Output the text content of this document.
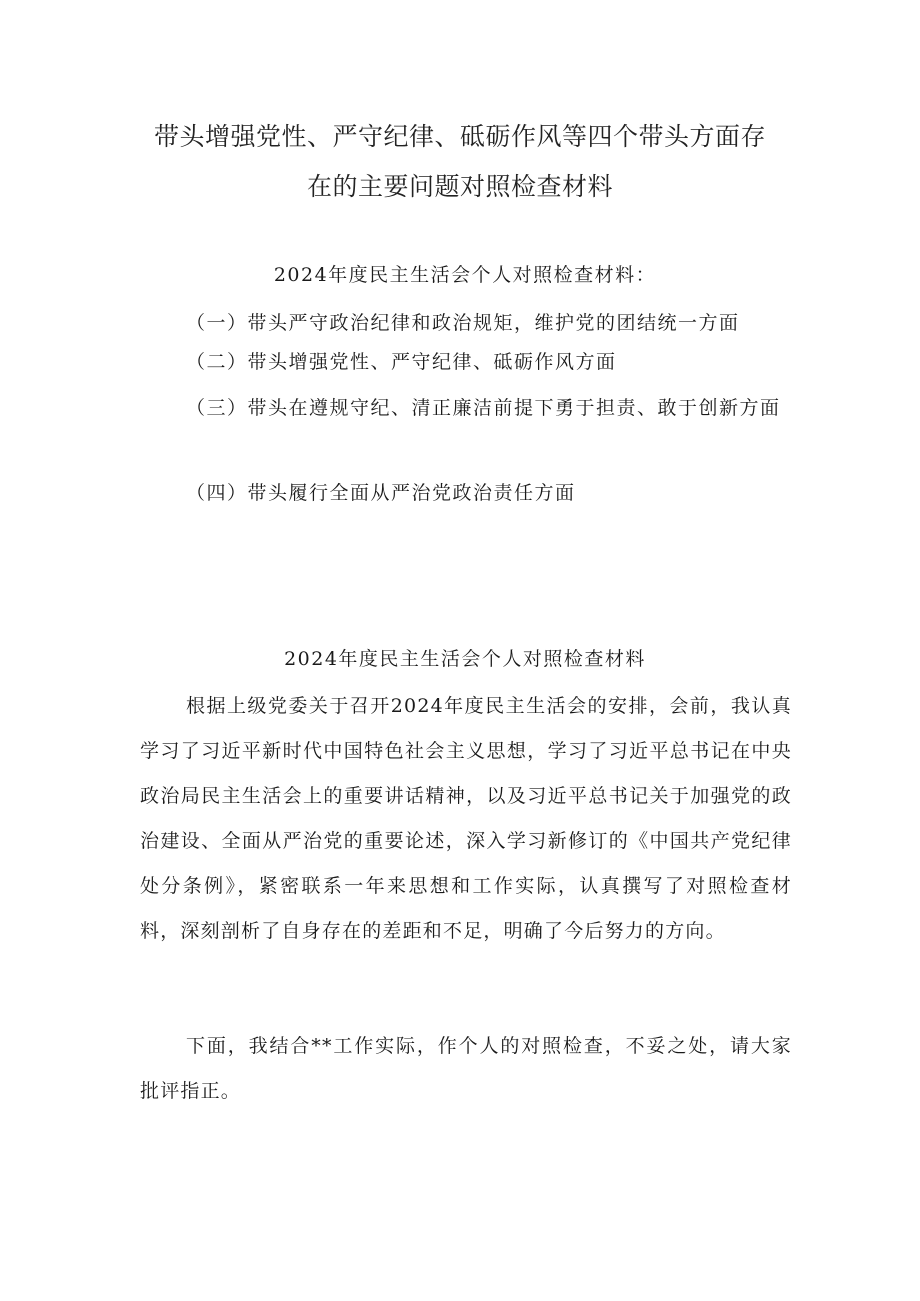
带头增强党性、严守纪律、砥砺作风等四个带头方面存
在的主要问题对照检查材料
2024年度民主生活会个人对照检查材料：
（一）带头严守政治纪律和政治规矩，维护党的团结统一方面
（二）带头增强党性、严守纪律、砥砺作风方面
（三）带头在遵规守纪、清正廉洁前提下勇于担责、敢于创新方面
（四）带头履行全面从严治党政治责任方面
2024年度民主生活会个人对照检查材料
根据上级党委关于召开2024年度民主生活会的安排，会前，我认真学习了习近平新时代中国特色社会主义思想，学习了习近平总书记在中央政治局民主生活会上的重要讲话精神，以及习近平总书记关于加强党的政治建设、全面从严治党的重要论述，深入学习新修订的《中国共产党纪律处分条例》，紧密联系一年来思想和工作实际，认真撰写了对照检查材料，深刻剖析了自身存在的差距和不足，明确了今后努力的方向。
下面，我结合**工作实际，作个人的对照检查，不妥之处，请大家批评指正。
